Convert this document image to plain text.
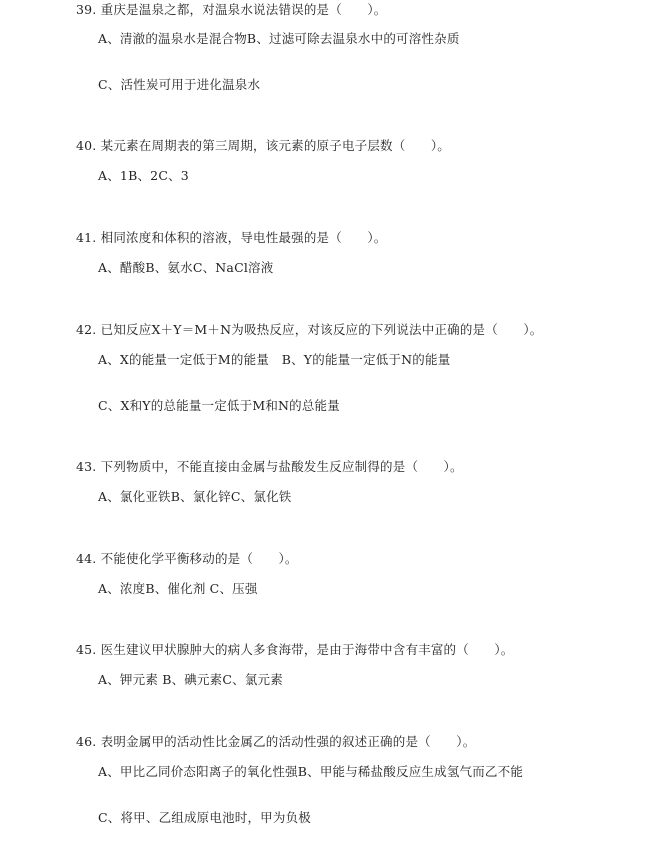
39. 重庆是温泉之都，对温泉水说法错误的是（　　）。
A、清澈的温泉水是混合物B、过滤可除去温泉水中的可溶性杂质
C、活性炭可用于进化温泉水
40. 某元素在周期表的第三周期，该元素的原子电子层数（　　）。
A、1B、2C、3
41. 相同浓度和体积的溶液，导电性最强的是（　　）。
A、醋酸B、氨水C、NaCl溶液
42. 已知反应X＋Y＝M＋N为吸热反应，对该反应的下列说法中正确的是（　　）。
A、X的能量一定低于M的能量　B、Y的能量一定低于N的能量
C、X和Y的总能量一定低于M和N的总能量
43. 下列物质中，不能直接由金属与盐酸发生反应制得的是（　　）。
A、氯化亚铁B、氯化锌C、氯化铁
44. 不能使化学平衡移动的是（　　）。
A、浓度B、催化剂 C、压强
45. 医生建议甲状腺肿大的病人多食海带，是由于海带中含有丰富的（　　）。
A、钾元素 B、碘元素C、氯元素
46. 表明金属甲的活动性比金属乙的活动性强的叙述正确的是（　　）。
A、甲比乙同价态阳离子的氧化性强B、甲能与稀盐酸反应生成氢气而乙不能
C、将甲、乙组成原电池时，甲为负极
